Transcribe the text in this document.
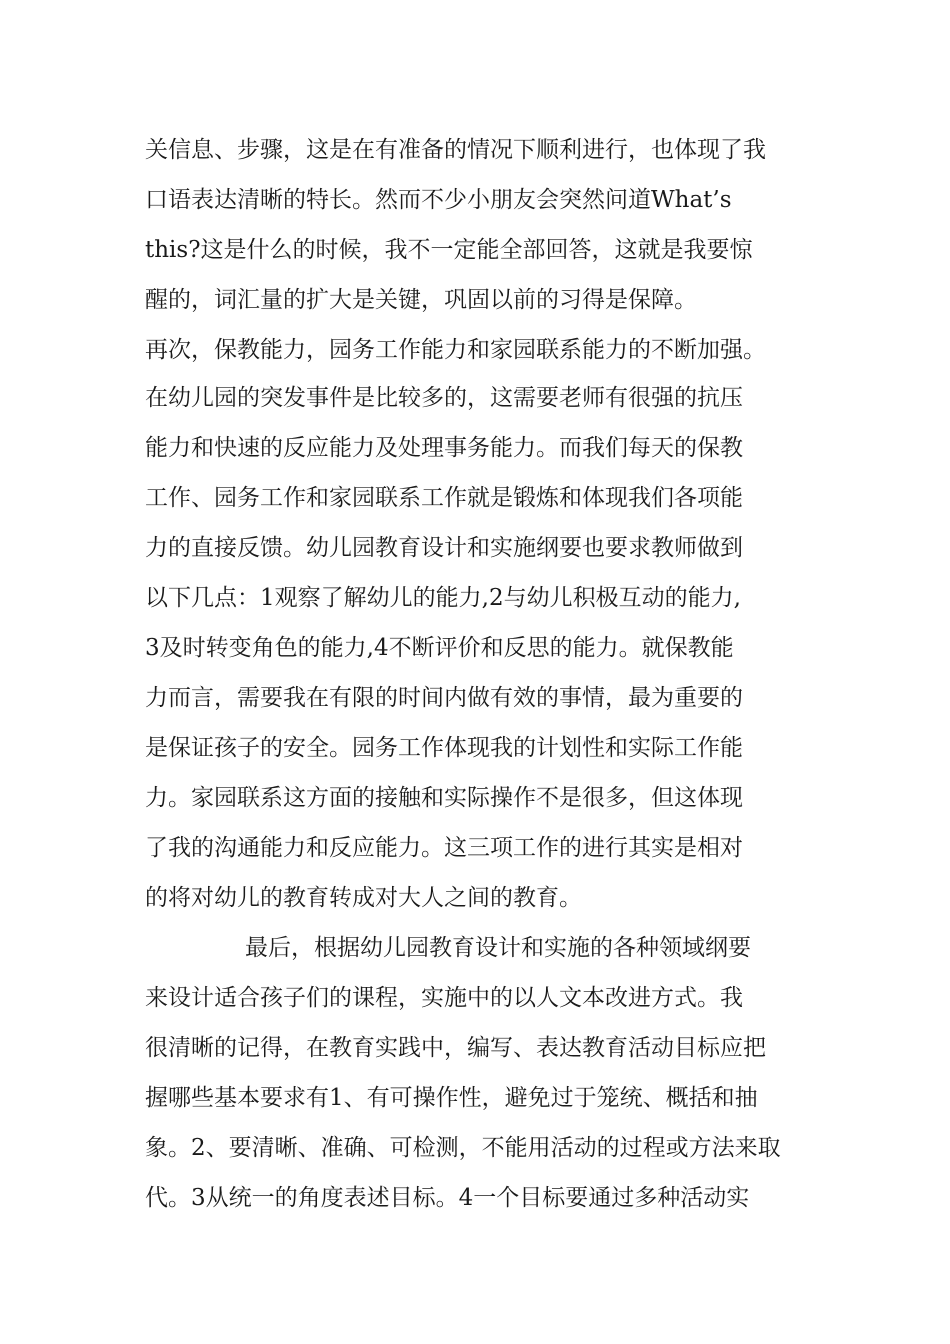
关信息、步骤，这是在有准备的情况下顺利进行，也体现了我
口语表达清晰的特长。然而不少小朋友会突然问道What’s
this?这是什么的时候，我不一定能全部回答，这就是我要惊
醒的，词汇量的扩大是关键，巩固以前的习得是保障。
再次，保教能力，园务工作能力和家园联系能力的不断加强。
在幼儿园的突发事件是比较多的，这需要老师有很强的抗压
能力和快速的反应能力及处理事务能力。而我们每天的保教
工作、园务工作和家园联系工作就是锻炼和体现我们各项能
力的直接反馈。幼儿园教育设计和实施纲要也要求教师做到
以下几点：1观察了解幼儿的能力,2与幼儿积极互动的能力,
3及时转变角色的能力,4不断评价和反思的能力。就保教能
力而言，需要我在有限的时间内做有效的事情，最为重要的
是保证孩子的安全。园务工作体现我的计划性和实际工作能
力。家园联系这方面的接触和实际操作不是很多，但这体现
了我的沟通能力和反应能力。这三项工作的进行其实是相对
的将对幼儿的教育转成对大人之间的教育。
最后，根据幼儿园教育设计和实施的各种领域纲要
来设计适合孩子们的课程，实施中的以人文本改进方式。我
很清晰的记得，在教育实践中，编写、表达教育活动目标应把
握哪些基本要求有1、有可操作性，避免过于笼统、概括和抽
象。2、要清晰、准确、可检测，不能用活动的过程或方法来取
代。3从统一的角度表述目标。4一个目标要通过多种活动实
